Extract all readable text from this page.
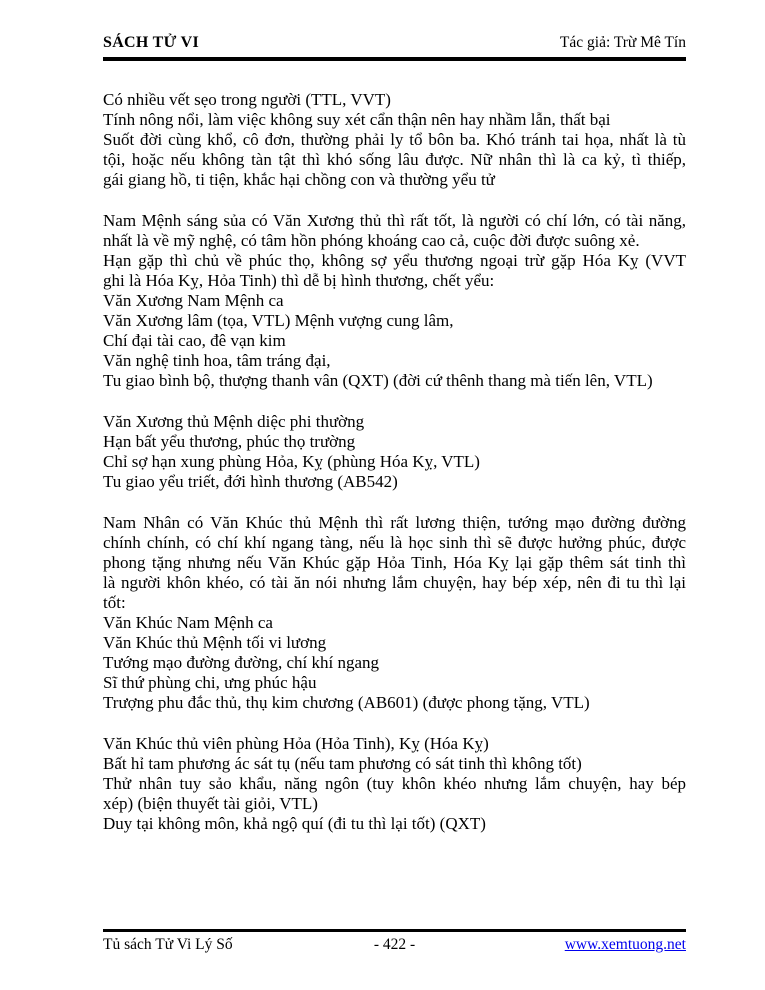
SÁCH TỬ VI	Tác giả: Trừ Mê Tín
Có nhiều vết sẹo trong người (TTL, VVT)
Tính nông nổi, làm việc không suy xét cẩn thận nên hay nhầm lẫn, thất bại
Suốt đời cùng khổ, cô đơn, thường phải ly tổ bôn ba. Khó tránh tai họa, nhất là tù
tội, hoặc nếu không tàn tật thì khó sống lâu được. Nữ nhân thì là ca kỷ, tì thiếp,
gái giang hồ, ti tiện, khắc hại chồng con và thường yểu tử
Nam Mệnh sáng sủa có Văn Xương thủ thì rất tốt, là người có chí lớn, có tài năng,
nhất là về mỹ nghệ, có tâm hồn phóng khoáng cao cả, cuộc đời được suông xẻ.
Hạn gặp thì chủ về phúc thọ, không sợ yểu thương ngoại trừ gặp Hóa Kỵ (VVT
ghi là Hóa Kỵ, Hỏa Tinh) thì dễ bị hình thương, chết yểu:
Văn Xương Nam Mệnh ca
Văn Xương lâm (tọa, VTL) Mệnh vượng cung lâm,
Chí đại tài cao, đê vạn kim
Văn nghệ tinh hoa, tâm tráng đại,
Tu giao bình bộ, thượng thanh vân (QXT) (đời cứ thênh thang mà tiến lên, VTL)
Văn Xương thủ Mệnh diệc phi thường
Hạn bất yểu thương, phúc thọ trường
Chỉ sợ hạn xung phùng Hỏa, Kỵ (phùng Hóa Kỵ, VTL)
Tu giao yểu triết, đới hình thương (AB542)
Nam Nhân có Văn Khúc thủ Mệnh thì rất lương thiện, tướng mạo đường đường
chính chính, có chí khí ngang tàng, nếu là học sinh thì sẽ được hưởng phúc, được
phong tặng nhưng nếu Văn Khúc gặp Hỏa Tinh, Hóa Kỵ lại gặp thêm sát tinh thì
là người khôn khéo, có tài ăn nói nhưng lắm chuyện, hay bép xép, nên đi tu thì lại
tốt:
Văn Khúc Nam Mệnh ca
Văn Khúc thủ Mệnh tối vi lương
Tướng mạo đường đường, chí khí ngang
Sĩ thứ phùng chi, ưng phúc hậu
Trượng phu đắc thủ, thụ kim chương (AB601) (được phong tặng, VTL)
Văn Khúc thủ viên phùng Hỏa (Hỏa Tinh), Kỵ (Hóa Kỵ)
Bất hỉ tam phương ác sát tụ (nếu tam phương có sát tinh thì không tốt)
Thử nhân tuy sảo khẩu, năng ngôn (tuy khôn khéo nhưng lắm chuyện, hay bép
xép) (biện thuyết tài giỏi, VTL)
Duy tại không môn, khả ngộ quí (đi tu thì lại tốt) (QXT)
Tủ sách Tử Vi Lý Số	- 422 -	www.xemtuong.net
